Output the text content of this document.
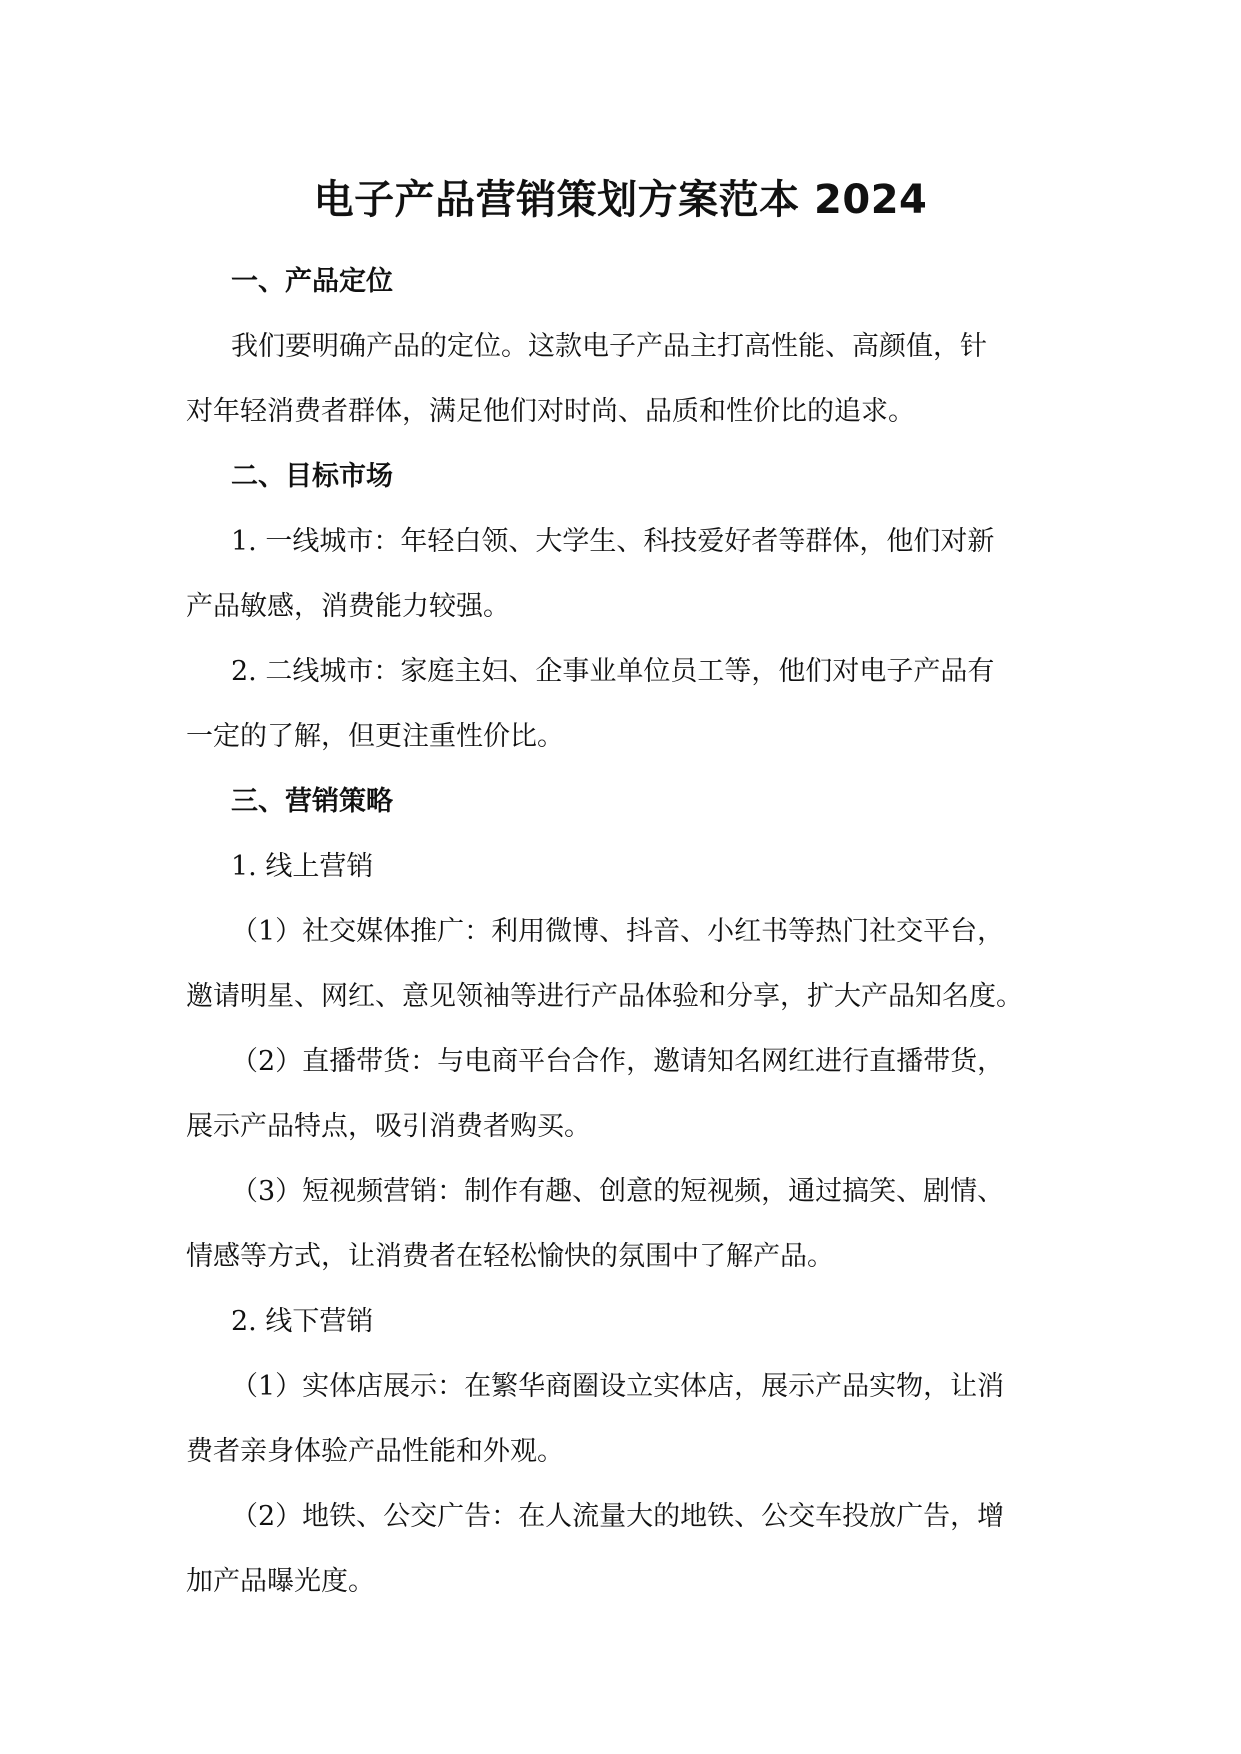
电子产品营销策划方案范本 2024

一、产品定位

我们要明确产品的定位。这款电子产品主打高性能、高颜值，针

对年轻消费者群体，满足他们对时尚、品质和性价比的追求。

二、目标市场

1. 一线城市：年轻白领、大学生、科技爱好者等群体，他们对新

产品敏感，消费能力较强。

2. 二线城市：家庭主妇、企事业单位员工等，他们对电子产品有

一定的了解，但更注重性价比。

三、营销策略

1. 线上营销

（1）社交媒体推广：利用微博、抖音、小红书等热门社交平台，

邀请明星、网红、意见领袖等进行产品体验和分享，扩大产品知名度。

（2）直播带货：与电商平台合作，邀请知名网红进行直播带货，

展示产品特点，吸引消费者购买。

（3）短视频营销：制作有趣、创意的短视频，通过搞笑、剧情、

情感等方式，让消费者在轻松愉快的氛围中了解产品。

2. 线下营销

（1）实体店展示：在繁华商圈设立实体店，展示产品实物，让消

费者亲身体验产品性能和外观。

（2）地铁、公交广告：在人流量大的地铁、公交车投放广告，增

加产品曝光度。
